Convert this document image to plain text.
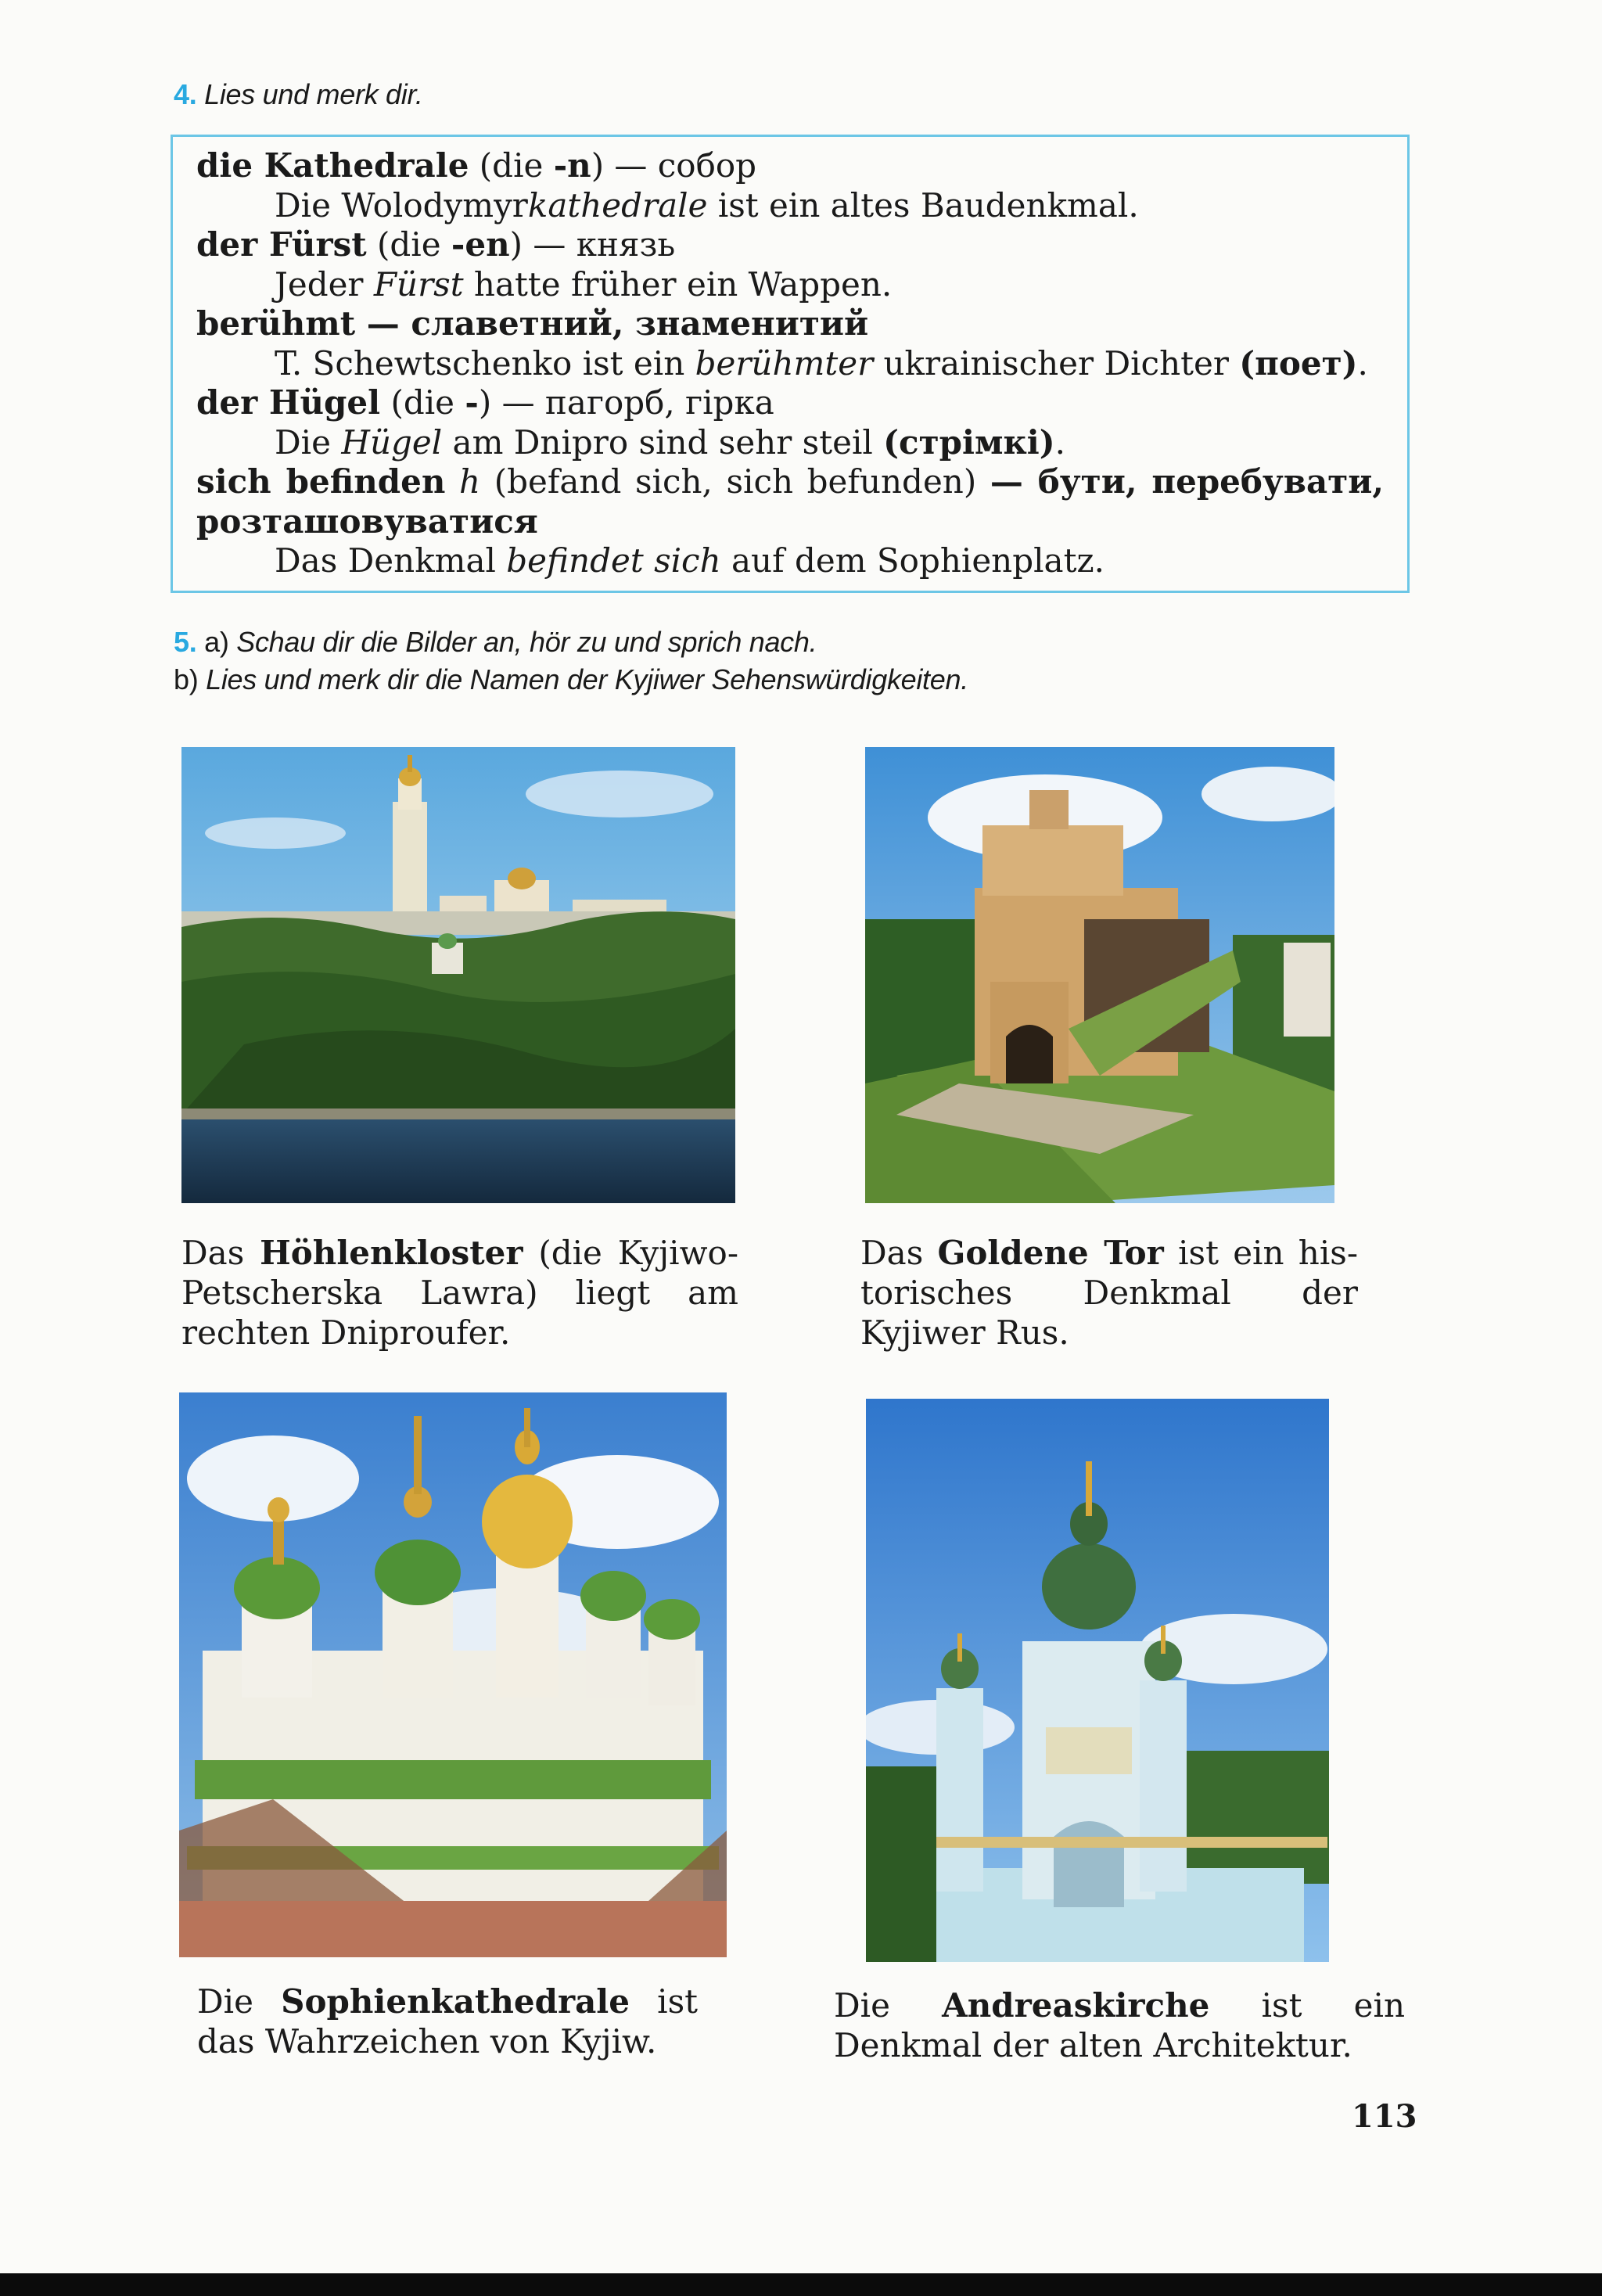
4. Lies und merk dir.
die Kathedrale (die -n) — собор
Die Wolodymyrkathedrale ist ein altes Baudenkmal.
der Fürst (die -en) — князь
Jeder Fürst hatte früher ein Wappen.
berühmt — славетний, знаменитий
T. Schewtschenko ist ein berühmter ukrainischer Dichter (поет).
der Hügel (die -) — пагорб, гірка
Die Hügel am Dnipro sind sehr steil (стрімкі).
sich befinden h (befand sich, sich befunden) — бути, перебувати,
розташовуватися
Das Denkmal befindet sich auf dem Sophienplatz.
5. a) Schau dir die Bilder an, hör zu und sprich nach.
b) Lies und merk dir die Namen der Kyjiwer Sehenswürdigkeiten.
Das Höhlenkloster (die Kyjiwo-
Petscherska Lawra) liegt am
rechten Dniproufer.
Das Goldene Tor ist ein his-
torisches Denkmal der
Kyjiwer Rus.
Die Sophienkathedrale ist
das Wahrzeichen von Kyjiw.
Die Andreaskirche ist ein
Denkmal der alten Architektur.
113
